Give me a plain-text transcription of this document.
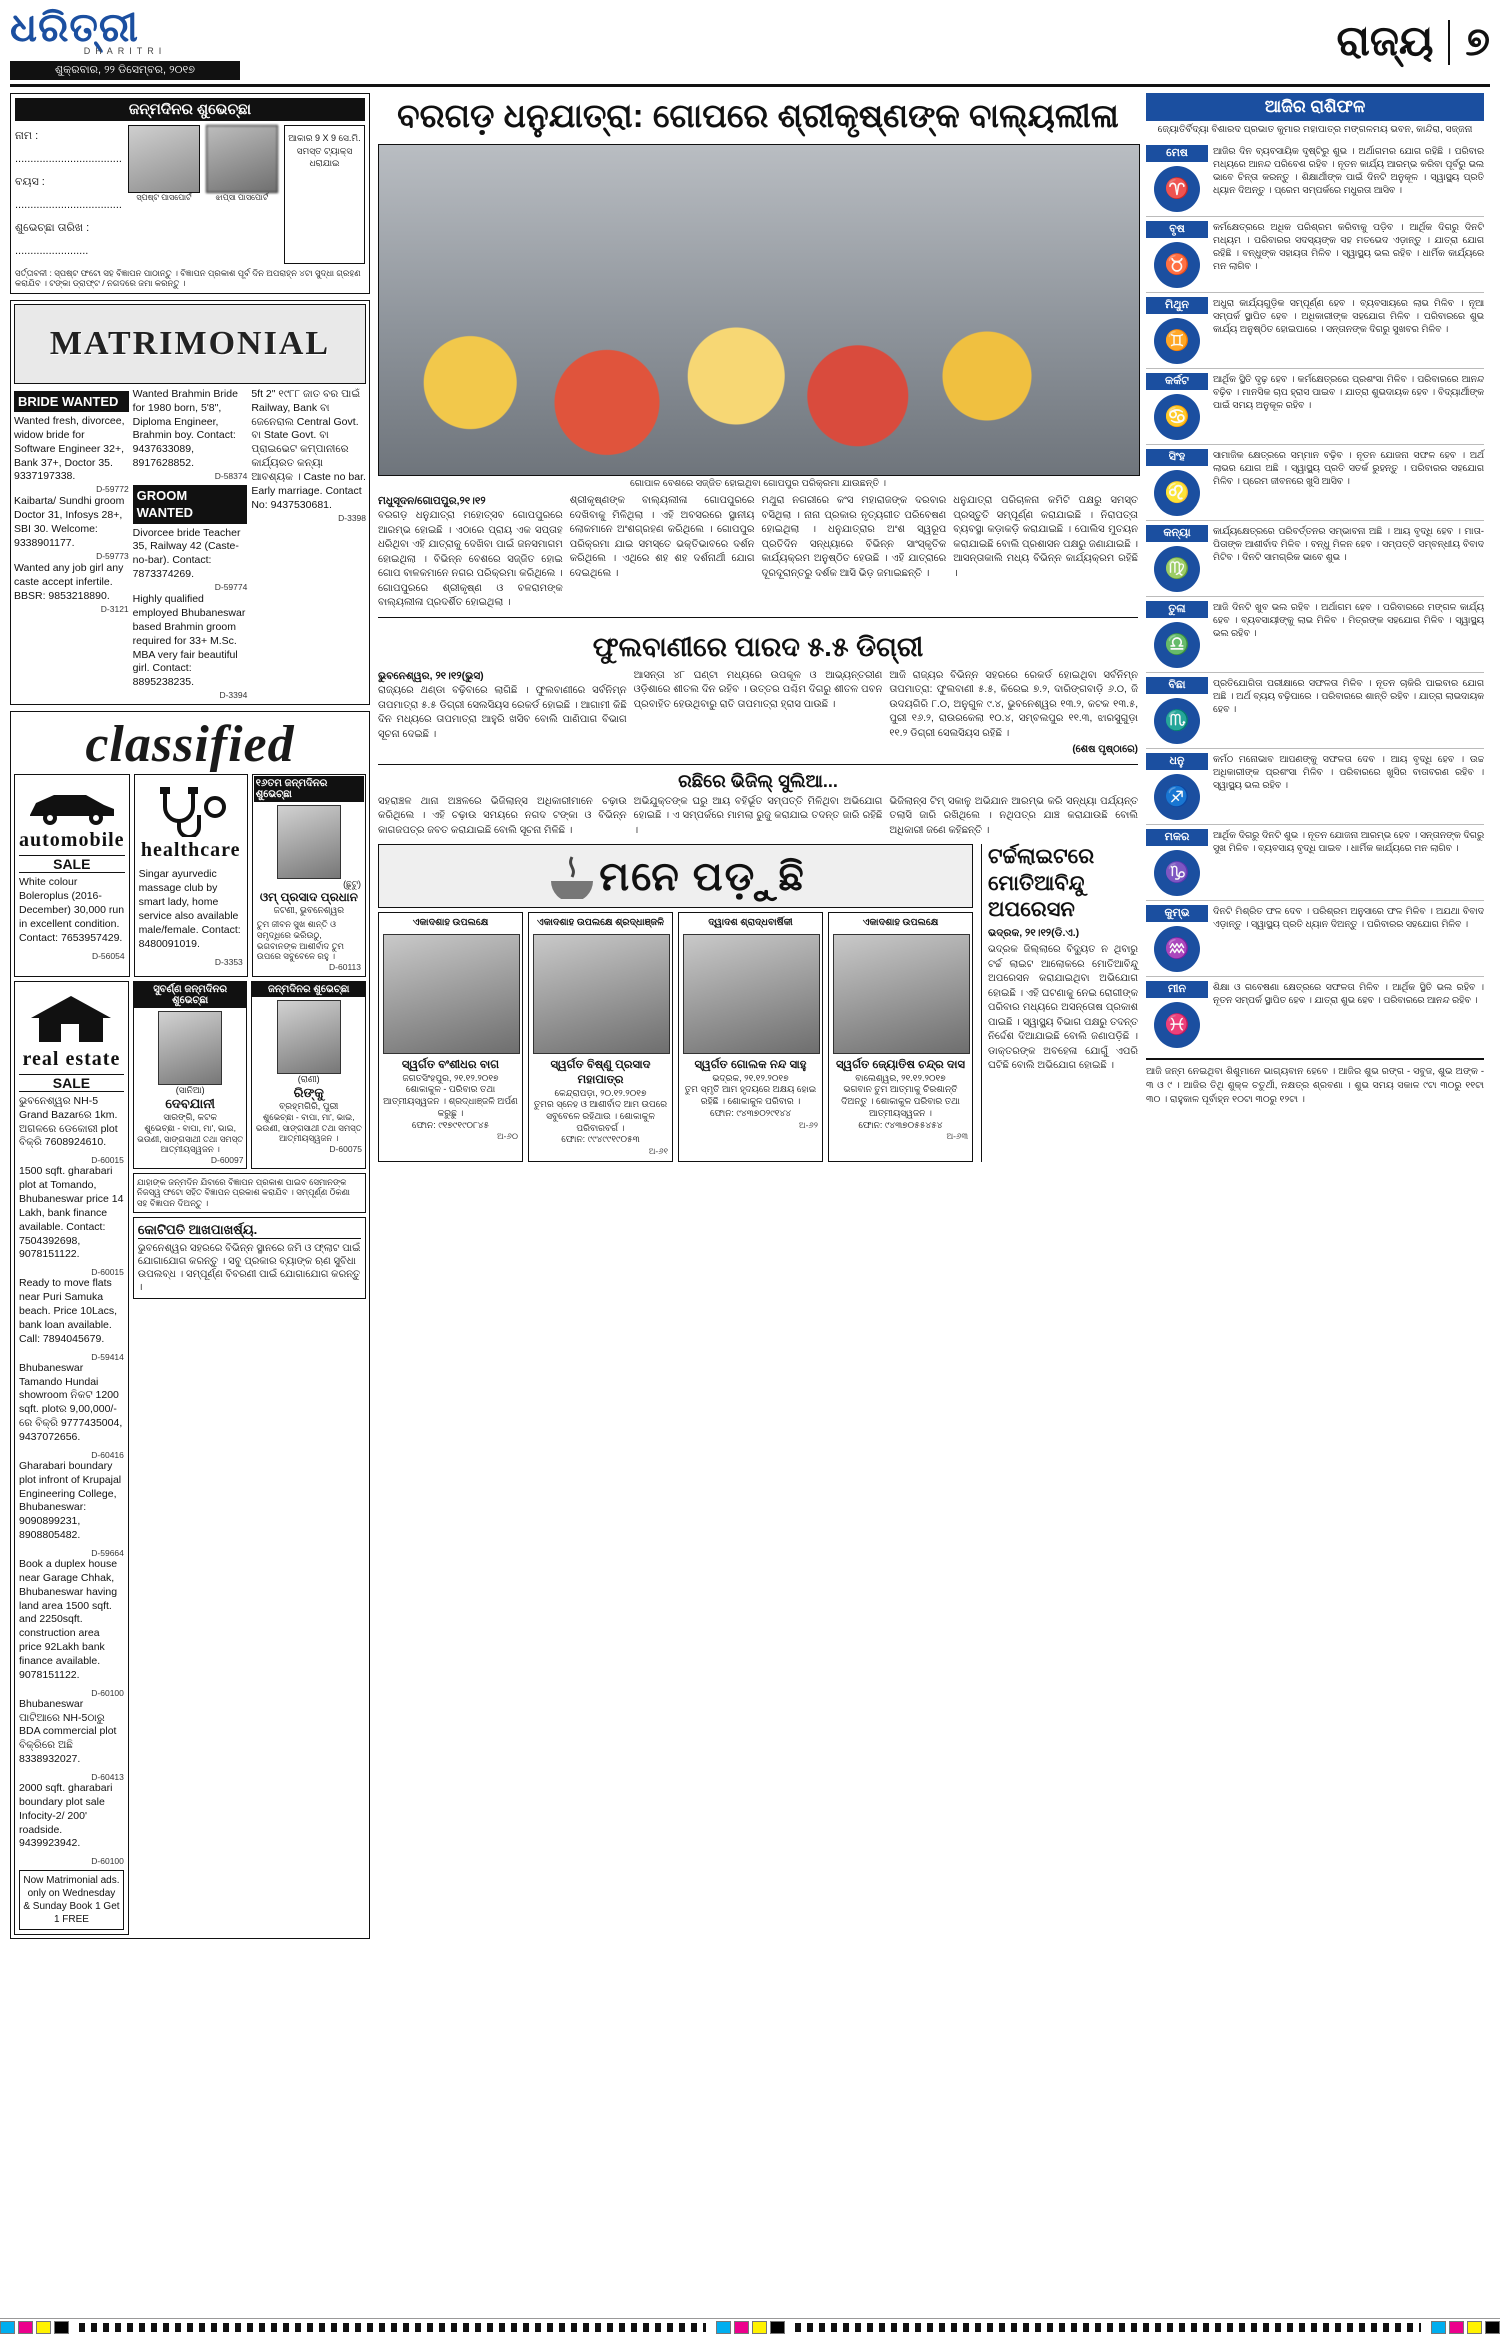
ଧରିତ୍ରୀ
DHARITRI
ଶୁକ୍ରବାର, ୨୨ ଡିସେମ୍ବର, ୨୦୧୭
ରାଜ୍ୟ ୭
ଜନ୍ମଦିନର ଶୁଭେଚ୍ଛା
ନାମ : ...................................
ବୟସ : ...................................
ଶୁଭେଚ୍ଛା ତାରିଖ : ........................
ସ୍ପଷ୍ଟ ପାସପୋର୍ଟ	ଝାପ୍ସା ପାସପୋର୍ଟ
ଆକାର 9 X 9 ସେ.ମି. ସମସ୍ତ ଟ୍ୟାକ୍ସ ଧରାଯାଇ
ସର୍ତ୍ତାବଳୀ : ସ୍ପଷ୍ଟ ଫଟୋ ସହ ବିଜ୍ଞାପନ ପାଠାନ୍ତୁ । ବିଜ୍ଞାପନ ପ୍ରକାଶ ପୂର୍ବ ଦିନ ଅପରାହ୍ନ ୪ଟା ସୁଦ୍ଧା ଗ୍ରହଣ କରାଯିବ । ଟଙ୍କା ଡ୍ରାଫ୍ଟ / ନଗଦରେ ଜମା କରନ୍ତୁ ।
MATRIMONIAL
BRIDE WANTED
Wanted fresh, divorcee, widow bride for Software Engineer 32+, Bank 37+, Doctor 35. 9337197338.
D-59772
Kaibarta/ Sundhi groom Doctor 31, Infosys 28+, SBI 30. Welcome: 9338901177.
D-59773
Wanted any job girl any caste accept infertile. BBSR: 9853218890.
D-3121
Wanted Brahmin Bride for 1980 born, 5'8", Diploma Engineer, Brahmin boy. Contact: 9437633089, 8917628852.
D-58374
GROOM WANTED
Divorcee bride Teacher 35, Railway 42 (Caste-no-bar). Contact: 7873374269.
D-59774
Highly qualified employed Bhubaneswar based Brahmin groom required for 33+ M.Sc. MBA very fair beautiful girl. Contact: 8895238235.
D-3394
5ft 2" ୧୯୮୮ ଜାତ ବର ପାଇଁ Railway, Bank ବା ଜେନେରାଲ Central Govt. ବା State Govt. ବା ପ୍ରାଇଭେଟ କମ୍ପାନୀରେ କାର୍ଯ୍ୟରତ କନ୍ୟା ଆବଶ୍ୟକ । Caste no bar. Early marriage. Contact No: 9437530681.
D-3398
classified
automobile
SALE
White colour Boleroplus (2016- December) 30,000 run in excellent condition. Contact: 7653957429.
D-56054
healthcare
Singar ayurvedic massage club by smart lady, home service also available male/female. Contact: 8480091019.
D-3353
୧୬ତମ ଜନ୍ମଦିନର ଶୁଭେଚ୍ଛା
(ଛୁଟୁ)
ଓମ୍ ପ୍ରସାଦ ପ୍ରଧାନ
ଜଟଣୀ, ଭୁବନେଶ୍ୱର
ତୁମ ଜୀବନ ସୁଖ ଶାନ୍ତି ଓ ସମୃଦ୍ଧିରେ ଭରିଉଠୁ, ଭଗବାନଙ୍କ ଆଶୀର୍ବାଦ ତୁମ ଉପରେ ସବୁବେଳେ ରହୁ ।
D-60113
real estate
SALE
ଭୁବନେଶ୍ୱର NH-5 Grand Bazarରେ 1km. ଅଗଳରେ ଡେକୋରୀ plot ବିକ୍ରି 7608924610.
D-60015
1500 sqft. gharabari plot at Tomando, Bhubaneswar price 14 Lakh, bank finance available. Contact: 7504392698, 9078151122.
D-60015
Ready to move flats near Puri Samuka beach. Price 10Lacs, bank loan available. Call: 7894045679.
D-59414
Bhubaneswar Tamando Hundai showroom ନିକଟ 1200 sqft. plotର 9,00,000/- ରେ ବିକ୍ରି 9777435004, 9437072656.
D-60416
Gharabari boundary plot infront of Krupajal Engineering College, Bhubaneswar: 9090899231, 8908805482.
D-59664
Book a duplex house near Garage Chhak, Bhubaneswar having land area 1500 sqft. and 2250sqft. construction area price 92Lakh bank finance available. 9078151122.
D-60100
Bhubaneswar ପାଟିଆରେ NH-5ଠାରୁ BDA commercial plot ବିକ୍ରିରେ ଅଛି 8338932027.
D-60413
2000 sqft. gharabari boundary plot sale Infocity-2/ 200' roadside. 9439923942.
D-60100
Now Matrimonial ads. only on Wednesday & Sunday Book 1 Get 1 FREE
ସୁବର୍ଣ୍ଣ ଜନ୍ମଦିନର ଶୁଭେଚ୍ଛା
(ସାନିଆ)
ଦେବଯାନୀ
ସାରଙ୍ଗି, କଟକ
ଶୁଭେଚ୍ଛା - ବାପା, ମା', ଭାଇ, ଭଉଣୀ, ସାଙ୍ଗସାଥୀ ତଥା ସମସ୍ତ ଆତ୍ମୀୟସ୍ୱଜନ ।
D-60097
ଜନ୍ମଦିନର ଶୁଭେଚ୍ଛା
(ରାଣୀ)
ରିଙ୍କୁ
ବ୍ରହ୍ମଗିରି, ପୁରୀ
ଶୁଭେଚ୍ଛା - ବାପା, ମା', ଭାଇ, ଭଉଣୀ, ସାଙ୍ଗସାଥୀ ତଥା ସମସ୍ତ ଆତ୍ମୀୟସ୍ୱଜନ ।
D-60075
ଯାହାଙ୍କ ଜନ୍ମଦିନ ଯିବାରେ ବିଜ୍ଞାପନ ପ୍ରକାଶ ପାଇବ ସେମାନଙ୍କ ନିଜସ୍ୱ ଫଟୋ ସହିତ ବିଜ୍ଞାପନ ପ୍ରକାଶ କରାଯିବ । ସମ୍ପୂର୍ଣ୍ଣ ଠିକଣା ସହ ବିଜ୍ଞାପନ ଦିଅନ୍ତୁ ।
କୋଟିପତି ଆଖପାଖର୍ଷ୍ୟ.
ଭୁବନେଶ୍ୱର ସହରରେ ବିଭିନ୍ନ ସ୍ଥାନରେ ଜମି ଓ ଫ୍ଲାଟ ପାଇଁ ଯୋଗାଯୋଗ କରନ୍ତୁ । ସବୁ ପ୍ରକାର ବ୍ୟାଙ୍କ ଋଣ ସୁବିଧା ଉପଲବ୍ଧ । ସମ୍ପୂର୍ଣ୍ଣ ବିବରଣୀ ପାଇଁ ଯୋଗାଯୋଗ କରନ୍ତୁ ।
ବରଗଡ଼ ଧନୁଯାତ୍ରା: ଗୋପରେ ଶ୍ରୀକୃଷ୍ଣଙ୍କ ବାଲ୍ୟଲୀଳା
ଗୋପାଳ ବେଶରେ ସଜ୍ଜିତ ହୋଇଥିବା ଗୋପପୁର ପରିକ୍ରମା ଯାଉଛନ୍ତି ।
ମଧୁସୂଦନ/ଗୋପପୁର,୨୧।୧୨
ବରଗଡ଼ ଧନୁଯାତ୍ରା ମହୋତ୍ସବ ଗୋପପୁରରେ ଆରମ୍ଭ ହୋଇଛି । ଏଠାରେ ପ୍ରାୟ ଏକ ସପ୍ତାହ ଧରିଥିବା ଏହି ଯାତ୍ରାକୁ ଦେଖିବା ପାଇଁ ଜନସମାଗମ ହୋଇଥିଲା । ବିଭିନ୍ନ ବେଶରେ ସଜ୍ଜିତ ହୋଇ ଗୋପ ବାଳକମାନେ ନଗର ପରିକ୍ରମା କରିଥିଲେ । ଗୋପପୁରରେ ଶ୍ରୀକୃଷ୍ଣ ଓ ବଳରାମଙ୍କ ବାଲ୍ୟଲୀଳା ପ୍ରଦର୍ଶିତ ହୋଇଥିଲା ।
ଶ୍ରୀକୃଷ୍ଣଙ୍କ ବାଲ୍ୟଲୀଳା ଗୋପପୁରରେ ଦେଖିବାକୁ ମିଳିଥିଲା । ଏହି ଅବସରରେ ସ୍ଥାନୀୟ ଲୋକମାନେ ଅଂଶଗ୍ରହଣ କରିଥିଲେ । ଗୋପପୁର ପରିକ୍ରମା ଯାଇ ସମସ୍ତେ ଭକ୍ତିଭାବରେ ଦର୍ଶନ କରିଥିଲେ । ଏଥିରେ ଶହ ଶହ ଦର୍ଶନାର୍ଥୀ ଯୋଗ ଦେଇଥିଲେ ।
ମଥୁରା ନଗରୀରେ କଂସ ମହାରାଜଙ୍କ ଦରବାର ବସିଥିଲା । ନାନା ପ୍ରକାର ନୃତ୍ୟଗୀତ ପରିବେଷଣ ହୋଇଥିଲା । ଧନୁଯାତ୍ରାର ଅଂଶ ସ୍ୱରୂପ ପ୍ରତିଦିନ ସନ୍ଧ୍ୟାରେ ବିଭିନ୍ନ ସାଂସ୍କୃତିକ କାର୍ଯ୍ୟକ୍ରମ ଅନୁଷ୍ଠିତ ହେଉଛି । ଏହି ଯାତ୍ରାରେ ଦୂରଦୂରାନ୍ତରୁ ଦର୍ଶକ ଆସି ଭିଡ଼ ଜମାଇଛନ୍ତି ।
ଧନୁଯାତ୍ରା ପରିଚାଳନା କମିଟି ପକ୍ଷରୁ ସମସ୍ତ ପ୍ରସ୍ତୁତି ସମ୍ପୂର୍ଣ୍ଣ କରାଯାଇଛି । ନିରାପତ୍ତା ବ୍ୟବସ୍ଥା କଡ଼ାକଡ଼ି କରାଯାଇଛି । ପୋଲିସ ମୁତୟନ କରାଯାଇଛି ବୋଲି ପ୍ରଶାସନ ପକ୍ଷରୁ ଜଣାଯାଇଛି । ଆସନ୍ତାକାଲି ମଧ୍ୟ ବିଭିନ୍ନ କାର୍ଯ୍ୟକ୍ରମ ରହିଛି ।
ଫୁଲବାଣୀରେ ପାରଦ ୫.୫ ଡିଗ୍ରୀ
ଭୁବନେଶ୍ୱର, ୨୧।୧୨(ଭୁସ)
ରାଜ୍ୟରେ ଥଣ୍ଡା ବଢ଼ିବାରେ ଲାଗିଛି । ଫୁଲବାଣୀରେ ସର୍ବନିମ୍ନ ତାପମାତ୍ରା ୫.୫ ଡିଗ୍ରୀ ସେଲସିୟସ ରେକର୍ଡ ହୋଇଛି । ଆଗାମୀ କିଛି ଦିନ ମଧ୍ୟରେ ତାପମାତ୍ରା ଆହୁରି ଖସିବ ବୋଲି ପାଣିପାଗ ବିଭାଗ ସୂଚନା ଦେଇଛି ।
ଆସନ୍ତା ୪୮ ଘଣ୍ଟା ମଧ୍ୟରେ ଉପକୂଳ ଓ ଆଭ୍ୟନ୍ତରୀଣ ଓଡ଼ିଶାରେ ଶୀତଲ ଦିନ ରହିବ । ଉତ୍ତର ପଶ୍ଚିମ ଦିଗରୁ ଶୀତଳ ପବନ ପ୍ରବାହିତ ହେଉଥିବାରୁ ରାତି ତାପମାତ୍ରା ହ୍ରାସ ପାଉଛି ।
ଆଜି ରାଜ୍ୟର ବିଭିନ୍ନ ସହରରେ ରେକର୍ଡ ହୋଇଥିବା ସର୍ବନିମ୍ନ ତାପମାତ୍ରା: ଫୁଲବାଣୀ ୫.୫, କିରେଇ ୭.୨, ଦାରିଙ୍ଗବାଡ଼ି ୬.୦, ଜି ଉଦୟଗିରି ୮.୦, ଅନୁଗୁଳ ୯.୪, ଭୁବନେଶ୍ୱର ୧୩.୨, କଟକ ୧୩.୫, ପୁରୀ ୧୬.୨, ରାଉରକେଲା ୧୦.୪, ସମ୍ବଲପୁର ୧୧.୩, ଝାରସୁଗୁଡ଼ା ୧୧.୨ ଡିଗ୍ରୀ ସେଲସିୟସ ରହିଛି ।
(ଶେଷ ପୃଷ୍ଠାରେ)
ରଛିରେ ଭିଜିଲ୍ ସୁଲିଆ...
ସହରାଞ୍ଚଳ ଥାନା ଅଞ୍ଚଳରେ ଭିଜିଲାନ୍ସ ଅଧିକାରୀମାନେ ଚଢ଼ାଉ କରିଥିଲେ । ଏହି ଚଢ଼ାଉ ସମୟରେ ନଗଦ ଟଙ୍କା ଓ ବିଭିନ୍ନ କାଗଜପତ୍ର ଜବତ କରାଯାଇଛି ବୋଲି ସୂଚନା ମିଳିଛି ।
ଅଭିଯୁକ୍ତଙ୍କ ଘରୁ ଆୟ ବହିର୍ଭୂତ ସମ୍ପତ୍ତି ମିଳିଥିବା ଅଭିଯୋଗ ହୋଇଛି । ଏ ସମ୍ପର୍କରେ ମାମଲା ରୁଜୁ କରାଯାଇ ତଦନ୍ତ ଜାରି ରହିଛି ।
ଭିଜିଲାନ୍ସ ଟିମ୍ ସକାଳୁ ଅଭିଯାନ ଆରମ୍ଭ କରି ସନ୍ଧ୍ୟା ପର୍ଯ୍ୟନ୍ତ ତଲାସି ଜାରି ରଖିଥିଲେ । ନଥିପତ୍ର ଯାଞ୍ଚ କରାଯାଉଛି ବୋଲି ଅଧିକାରୀ ଜଣେ କହିଛନ୍ତି ।
ମନେ ପଡ଼ୁଛି
ଏକାଦଶାହ ଉପଲକ୍ଷେ
ସ୍ୱର୍ଗତ ବଂଶୀଧର ବାଗ
ଜଗତସିଂହପୁର, ୨୧.୧୨.୨୦୧୭
ଶୋକାକୁଳ - ପରିବାର ତଥା ଆତ୍ମୀୟସ୍ୱଜନ । ଶ୍ରଦ୍ଧାଞ୍ଜଳି ଅର୍ପଣ କରୁଛୁ ।
ଫୋନ: ୯୧୭୯୧୯୦୮୪୫
ଅ-୬୦
ଏକାଦଶାହ ଉପଲକ୍ଷେ ଶ୍ରଦ୍ଧାଞ୍ଜଳି
ସ୍ୱର୍ଗତ ବିଷ୍ଣୁ ପ୍ରସାଦ ମହାପାତ୍ର
କେନ୍ଦ୍ରାପଡ଼ା, ୨୦.୧୨.୨୦୧୭
ତୁମର ସ୍ନେହ ଓ ଆଶୀର୍ବାଦ ଆମ ଉପରେ ସବୁବେଳେ ରହିଥାଉ । ଶୋକାକୁଳ ପରିବାରବର୍ଗ ।
ଫୋନ: ୯୯୪୯୯୧୯୦୫୩
ଅ-୬୧
ଦ୍ୱାଦଶ ଶ୍ରାଦ୍ଧବାର୍ଷିକୀ
ସ୍ୱର୍ଗତ ଗୋଲକ ନନ୍ଦ ସାହୁ
ଭଦ୍ରକ, ୨୧.୧୨.୨୦୧୭
ତୁମ ସ୍ମୃତି ଆମ ହୃଦୟରେ ଅକ୍ଷୟ ହୋଇ ରହିଛି । ଶୋକାକୁଳ ପରିବାର ।
ଫୋନ: ୯୪୩୭୦୨୯୧୪୪
ଅ-୬୨
ଏକାଦଶାହ ଉପଲକ୍ଷେ
ସ୍ୱର୍ଗତ ଜ୍ୟୋତିଷ ଚନ୍ଦ୍ର ଦାସ
ବାଲେଶ୍ୱର, ୨୧.୧୨.୨୦୧୭
ଭଗବାନ ତୁମ ଆତ୍ମାକୁ ଚିରଶାନ୍ତି ଦିଅନ୍ତୁ । ଶୋକାକୁଳ ପରିବାର ତଥା ଆତ୍ମୀୟସ୍ୱଜନ ।
ଫୋନ: ୯୪୩୭୦୫୫୪୫୪
ଅ-୬୩
ଟର୍ଚ୍ଚଲାଇଟରେ ମୋତିଆବିନ୍ଦୁ ଅପରେସନ
ଭଦ୍ରକ, ୨୧।୧୨(ଡି.ଏ.)
ଭଦ୍ରକ ଜିଲ୍ଲାରେ ବିଦ୍ୟୁତ ନ ଥିବାରୁ ଟର୍ଚ୍ଚ ଲାଇଟ ଆଲୋକରେ ମୋତିଆବିନ୍ଦୁ ଅପରେସନ କରାଯାଇଥିବା ଅଭିଯୋଗ ହୋଇଛି । ଏହି ଘଟଣାକୁ ନେଇ ରୋଗୀଙ୍କ ପରିବାର ମଧ୍ୟରେ ଅସନ୍ତୋଷ ପ୍ରକାଶ ପାଇଛି । ସ୍ୱାସ୍ଥ୍ୟ ବିଭାଗ ପକ୍ଷରୁ ତଦନ୍ତ ନିର୍ଦ୍ଦେଶ ଦିଆଯାଇଛି ବୋଲି ଜଣାପଡ଼ିଛି । ଡାକ୍ତରଙ୍କ ଅବହେଳା ଯୋଗୁଁ ଏପରି ଘଟିଛି ବୋଲି ଅଭିଯୋଗ ହୋଇଛି ।
ଆଜିର ରାଶିଫଳ
ଜ୍ୟୋତିର୍ବିଦ୍ୟା ବିଶାରଦ ପ୍ରଭାତ କୁମାର ମହାପାତ୍ର ମଙ୍ଗଳମୟ ଭବନ, କାନ୍ଦିରା, ସଜ୍ଜନା
ମେଷ
♈
ଆଜିର ଦିନ ବ୍ୟବସାୟିକ ଦୃଷ୍ଟିରୁ ଶୁଭ । ଅର୍ଥାଗମର ଯୋଗ ରହିଛି । ପରିବାର ମଧ୍ୟରେ ଆନନ୍ଦ ପରିବେଶ ରହିବ । ନୂତନ କାର୍ଯ୍ୟ ଆରମ୍ଭ କରିବା ପୂର୍ବରୁ ଭଲ ଭାବେ ଚିନ୍ତା କରନ୍ତୁ । ଶିକ୍ଷାର୍ଥୀଙ୍କ ପାଇଁ ଦିନଟି ଅନୁକୂଳ । ସ୍ୱାସ୍ଥ୍ୟ ପ୍ରତି ଧ୍ୟାନ ଦିଅନ୍ତୁ । ପ୍ରେମ ସମ୍ପର୍କରେ ମଧୁରତା ଆସିବ ।
ବୃଷ
♉
କର୍ମକ୍ଷେତ୍ରରେ ଅଧିକ ପରିଶ୍ରମ କରିବାକୁ ପଡ଼ିବ । ଆର୍ଥିକ ଦିଗରୁ ଦିନଟି ମଧ୍ୟମ । ପରିବାରର ସଦସ୍ୟଙ୍କ ସହ ମତଭେଦ ଏଡ଼ାନ୍ତୁ । ଯାତ୍ରା ଯୋଗ ରହିଛି । ବନ୍ଧୁଙ୍କ ସହାୟତା ମିଳିବ । ସ୍ୱାସ୍ଥ୍ୟ ଭଲ ରହିବ । ଧାର୍ମିକ କାର୍ଯ୍ୟରେ ମନ ଲାଗିବ ।
ମିଥୁନ
♊
ଅଧୁରା କାର୍ଯ୍ୟଗୁଡ଼ିକ ସମ୍ପୂର୍ଣ୍ଣ ହେବ । ବ୍ୟବସାୟରେ ଲାଭ ମିଳିବ । ନୂଆ ସମ୍ପର୍କ ସ୍ଥାପିତ ହେବ । ଅଧିକାରୀଙ୍କ ସହଯୋଗ ମିଳିବ । ପରିବାରରେ ଶୁଭ କାର୍ଯ୍ୟ ଅନୁଷ୍ଠିତ ହୋଇପାରେ । ସନ୍ତାନଙ୍କ ଦିଗରୁ ସୁଖବର ମିଳିବ ।
କର୍କଟ
♋
ଆର୍ଥିକ ସ୍ଥିତି ଦୃଢ଼ ହେବ । କର୍ମକ୍ଷେତ୍ରରେ ପ୍ରଶଂସା ମିଳିବ । ପରିବାରରେ ଆନନ୍ଦ ବଢ଼ିବ । ମାନସିକ ଚାପ ହ୍ରାସ ପାଇବ । ଯାତ୍ରା ଶୁଭଦାୟକ ହେବ । ବିଦ୍ୟାର୍ଥୀଙ୍କ ପାଇଁ ସମୟ ଅନୁକୂଳ ରହିବ ।
ସିଂହ
♌
ସାମାଜିକ କ୍ଷେତ୍ରରେ ସମ୍ମାନ ବଢ଼ିବ । ନୂତନ ଯୋଜନା ସଫଳ ହେବ । ଅର୍ଥ ଲାଭର ଯୋଗ ଅଛି । ସ୍ୱାସ୍ଥ୍ୟ ପ୍ରତି ସତର୍କ ରୁହନ୍ତୁ । ପରିବାରର ସହଯୋଗ ମିଳିବ । ପ୍ରେମ ଜୀବନରେ ଖୁସି ଆସିବ ।
କନ୍ୟା
♍
କାର୍ଯ୍ୟକ୍ଷେତ୍ରରେ ପରିବର୍ତ୍ତନର ସମ୍ଭାବନା ଅଛି । ଆୟ ବୃଦ୍ଧି ହେବ । ମାତା-ପିତାଙ୍କ ଆଶୀର୍ବାଦ ମିଳିବ । ବନ୍ଧୁ ମିଳନ ହେବ । ସମ୍ପତ୍ତି ସମ୍ବନ୍ଧୀୟ ବିବାଦ ମିଟିବ । ଦିନଟି ସାମଗ୍ରିକ ଭାବେ ଶୁଭ ।
ତୁଳା
♎
ଆଜି ଦିନଟି ଖୁବ ଭଲ ରହିବ । ଅର୍ଥାଗମ ହେବ । ପରିବାରରେ ମଙ୍ଗଳ କାର୍ଯ୍ୟ ହେବ । ବ୍ୟବସାୟୀଙ୍କୁ ଲାଭ ମିଳିବ । ମିତ୍ରଙ୍କ ସହଯୋଗ ମିଳିବ । ସ୍ୱାସ୍ଥ୍ୟ ଭଲ ରହିବ ।
ବିଛା
♏
ପ୍ରତିଯୋଗିତା ପରୀକ୍ଷାରେ ସଫଳତା ମିଳିବ । ନୂତନ ଚାକିରି ପାଇବାର ଯୋଗ ଅଛି । ଅର୍ଥ ବ୍ୟୟ ବଢ଼ିପାରେ । ପରିବାରରେ ଶାନ୍ତି ରହିବ । ଯାତ୍ରା ଲାଭଦାୟକ ହେବ ।
ଧନୁ
♐
କର୍ମଠ ମନୋଭାବ ଆପଣଙ୍କୁ ସଫଳତା ଦେବ । ଆୟ ବୃଦ୍ଧି ହେବ । ଉଚ୍ଚ ଅଧିକାରୀଙ୍କ ପ୍ରଶଂସା ମିଳିବ । ପରିବାରରେ ଖୁସିର ବାତାବରଣ ରହିବ । ସ୍ୱାସ୍ଥ୍ୟ ଭଲ ରହିବ ।
ମକର
♑
ଆର୍ଥିକ ଦିଗରୁ ଦିନଟି ଶୁଭ । ନୂତନ ଯୋଜନା ଆରମ୍ଭ ହେବ । ସନ୍ତାନଙ୍କ ଦିଗରୁ ସୁଖ ମିଳିବ । ବ୍ୟବସାୟ ବୃଦ୍ଧି ପାଇବ । ଧାର୍ମିକ କାର୍ଯ୍ୟରେ ମନ ଲାଗିବ ।
କୁମ୍ଭ
♒
ଦିନଟି ମିଶ୍ରିତ ଫଳ ଦେବ । ପରିଶ୍ରମ ଅନୁସାରେ ଫଳ ମିଳିବ । ଅଯଥା ବିବାଦ ଏଡ଼ାନ୍ତୁ । ସ୍ୱାସ୍ଥ୍ୟ ପ୍ରତି ଧ୍ୟାନ ଦିଅନ୍ତୁ । ପରିବାରର ସହଯୋଗ ମିଳିବ ।
ମୀନ
♓
ଶିକ୍ଷା ଓ ଗବେଷଣା କ୍ଷେତ୍ରରେ ସଫଳତା ମିଳିବ । ଆର୍ଥିକ ସ୍ଥିତି ଭଲ ରହିବ । ନୂତନ ସମ୍ପର୍କ ସ୍ଥାପିତ ହେବ । ଯାତ୍ରା ଶୁଭ ହେବ । ପରିବାରରେ ଆନନ୍ଦ ରହିବ ।
ଆଜି ଜନ୍ମ ନେଇଥିବା ଶିଶୁମାନେ ଭାଗ୍ୟବାନ ହେବେ । ଆଜିର ଶୁଭ ରଙ୍ଗ - ସବୁଜ, ଶୁଭ ଅଙ୍କ - ୩ ଓ ୯ । ଆଜିର ତିଥି ଶୁକ୍ଳ ଚତୁର୍ଥୀ, ନକ୍ଷତ୍ର ଶ୍ରବଣା । ଶୁଭ ସମୟ ସକାଳ ୯ଟା ୩୦ରୁ ୧୧ଟା ୩୦ । ରାହୁକାଳ ପୂର୍ବାହ୍ନ ୧୦ଟା ୩୦ରୁ ୧୨ଟା ।
